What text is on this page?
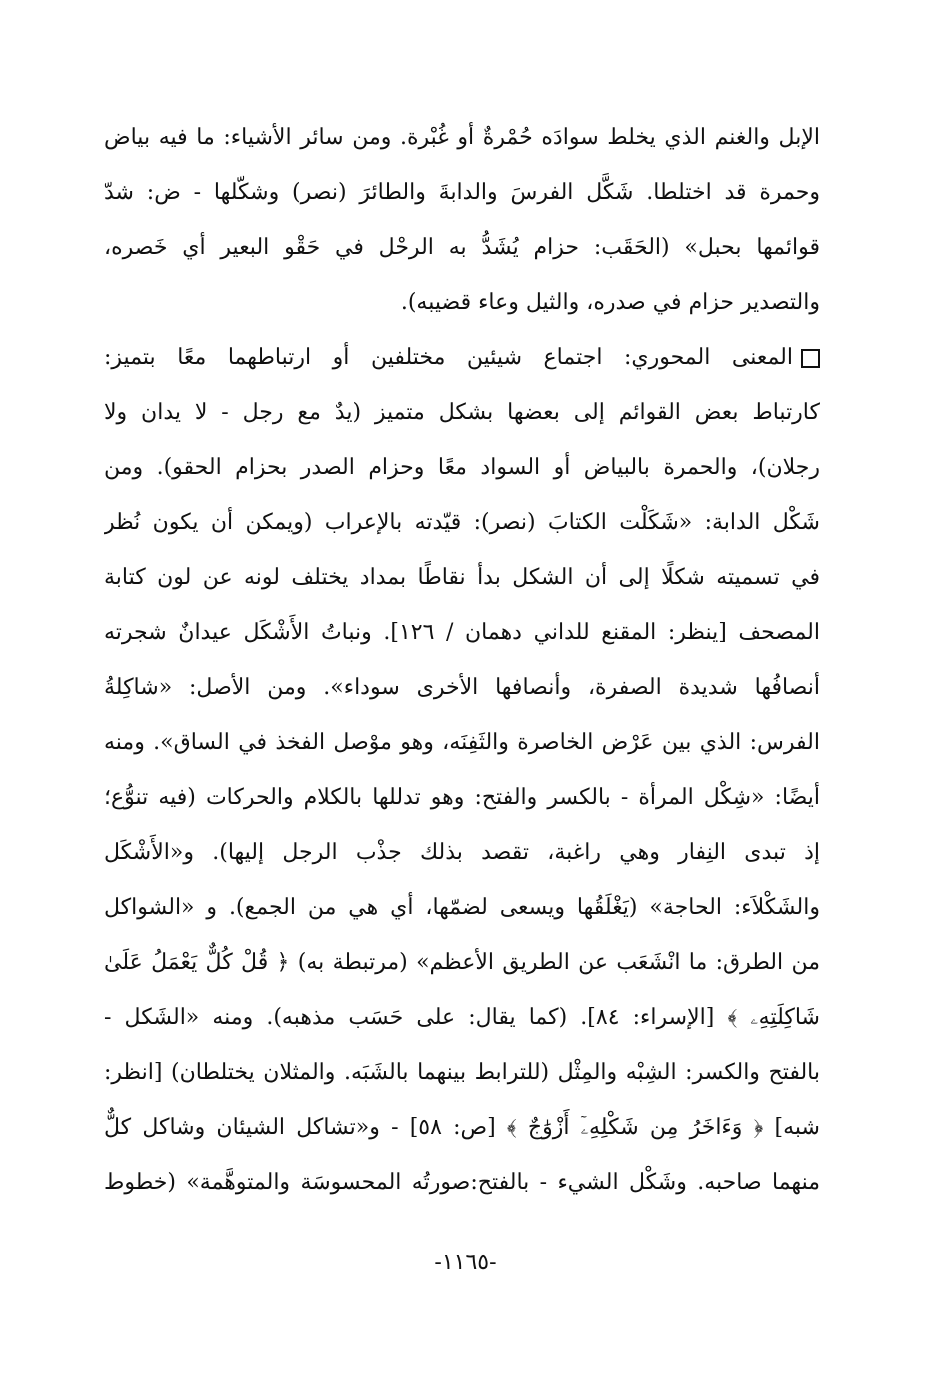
الإبل والغنم الذي يخلط سوادَه حُمْرةٌ أو غُبْرة. ومن سائر الأشياء: ما فيه بياض
وحمرة قد اختلطا. شَكَّل الفرسَ والدابةَ والطائرَ (نصر) وشكّلها - ض: شدّ
قوائمها بحبل» (الحَقَب: حزام يُشَدُّ به الرحْل في حَقْو البعير أي خَصره،
والتصدير حزام في صدره، والثيل وعاء قضيبه).
المعنى المحوري: اجتماع شيئين مختلفين أو ارتباطهما معًا بتميز:
كارتباط بعض القوائم إلى بعضها بشكل متميز (يدٌ مع رجل - لا يدان ولا
رجلان)، والحمرة بالبياض أو السواد معًا وحزام الصدر بحزام الحقو). ومن
شَكْل الدابة: «شَكَلْت الكتابَ (نصر): قيّدته بالإعراب (ويمكن أن يكون نُظر
في تسميته شكلًا إلى أن الشكل بدأ نقاطًا بمداد يختلف لونه عن لون كتابة
المصحف [ينظر: المقنع للداني دهمان / ١٢٦]. ونباتُ الأَشْكَل عيدانٌ شجرته
أنصافُها شديدة الصفرة، وأنصافها الأخرى سوداء». ومن الأصل: «شاكِلةُ
الفرس: الذي بين عَرْض الخاصرة والثَفِنَه، وهو موْصل الفخذ في الساق». ومنه
أيضًا: «شِكْل المرأة - بالكسر والفتح: وهو تدللها بالكلام والحركات (فيه تنوُّع؛
إذ تبدى النِفار وهي راغبة، تقصد بذلك جذْب الرجل إليها). و«الأَشْكَل
والشَكْلاَء: الحاجة» (يَغْلَقُها ويسعى لضمّها، أي هي من الجمع). و «الشواكل
من الطرق: ما انْشَعَب عن الطريق الأعظم» (مرتبطة به) ﴿ قُلْ كُلٌّ يَعْمَلُ عَلَىٰ
شَاكِلَتِهِۦ ﴾ [الإسراء: ٨٤]. (كما يقال: على حَسَب مذهبه). ومنه «الشَكل -
بالفتح والكسر: الشِبْه والمِثْل (للترابط بينهما بالشَبَه. والمثلان يختلطان) [انظر:
شبه] ﴿ وَءَاخَرُ مِن شَكْلِهِۦٓ أَزْوَٰجٌ ﴾ [ص: ٥٨] - و«تشاكل الشيئان وشاكل كلٌّ
منهما صاحبه. وشَكْل الشيء - بالفتح:صورتُه المحسوسَة والمتوهَّمة» (خطوط
-١١٦٥-
